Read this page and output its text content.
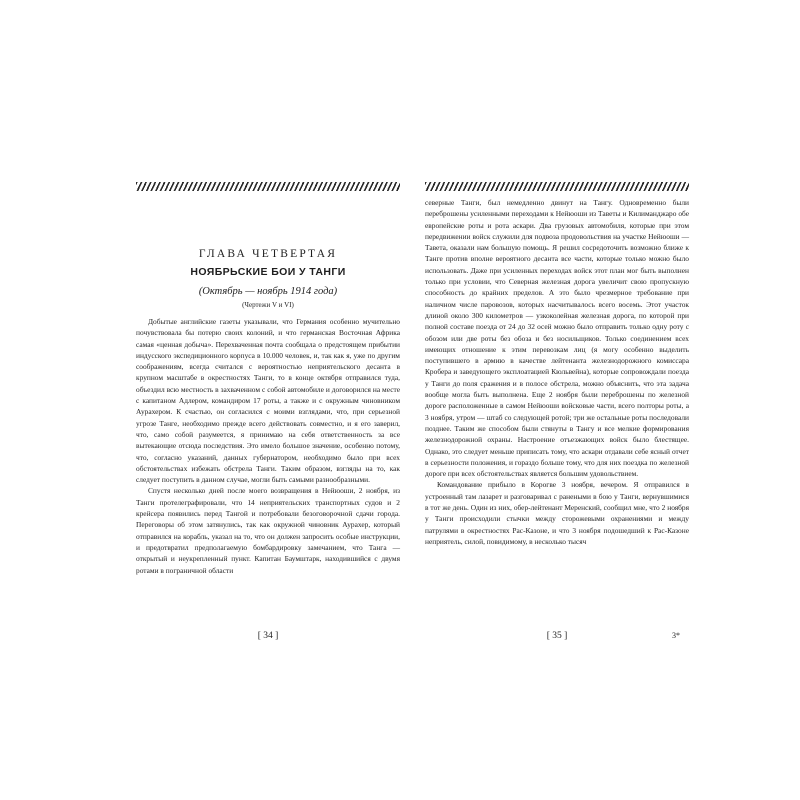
ГЛАВА ЧЕТВЕРТАЯ
НОЯБРЬСКИЕ БОИ У ТАНГИ
(Октябрь — ноябрь 1914 года)
(Чертежи V и VI)

Добытые английские газеты указывали, что Германия особенно мучительно почувствовала бы потерю своих колоний, и что германская Восточная Африка самая «ценная добыча». Перехваченная почта сообщала о предстоящем прибытии индусского экспедиционного корпуса в 10.000 человек, и, так как я, уже по другим соображениям, всегда считался с вероятностью неприятельского десанта в крупном масштабе в окрестностях Танги, то в конце октября отправился туда, объездил всю местность в захваченном с собой автомобиле и договорился на месте с капитаном Адлером, командиром 17 роты, а также и с окружным чиновником Аурахером. К счастью, он согласился с моими взглядами, что, при серьезной угрозе Танге, необходимо прежде всего действовать совместно, и я его заверил, что, само собой разумеется, я принимаю на себя ответственность за все вытекающие отсюда последствия. Это имело большое значение, особенно потому, что, согласно указаний, данных губернатором, необходимо было при всех обстоятельствах избежать обстрела Танги. Таким образом, взгляды на то, как следует поступить в данном случае, могли быть самыми разнообразными.

Спустя несколько дней после моего возвращения в Нейюоши, 2 ноября, из Танги протелеграфировали, что 14 неприятельских транспортных судов и 2 крейсера появились перед Тангой и потребовали безоговорочной сдачи города. Переговоры об этом затянулись, так как окружной чиновник Аурахер, который отправился на корабль, указал на то, что он должен запросить особые инструкции, и предотвратил предполагаемую бомбардировку замечанием, что Танга — открытый и неукрепленный пункт. Капитан Баумштарк, находившийся с двумя ротами в пограничной области

северные Танги, был немедленно двинут на Тангу. Одновременно были переброшены усиленными переходами к Нейюоши из Таветы и Килиманджаро обе европейские роты и рота аскари. Два грузовых автомобиля, которые при этом передвижении войск служили для подвоза продовольствия на участке Нейюоши — Тавета, оказали нам большую помощь. Я решил сосредоточить возможно ближе к Танге против вполне вероятного десанта все части, которые только можно было использовать. Даже при усиленных переходах войск этот план мог быть выполнен только при условии, что Северная железная дорога увеличит свою пропускную способность до крайних пределов. А это было чрезмерное требование при наличном числе паровозов, которых насчитывалось всего восемь. Этот участок длиной около 300 километров — узкоколейная железная дорога, по которой при полной составе поезда от 24 до 32 осей можно было отправить только одну роту с обозом или две роты без обоза и без носильщиков. Только соединением всех имеющих отношение к этим перевозкам лиц (я могу особенно выделить поступившего в армию в качестве лейтенанта железнодорожного комиссара Кробера и заведующего эксплоатацией Кюльвейна), которые сопровождали поезда у Танги до поля сражения и в полосе обстрела, можно объяснить, что эта задача вообще могла быть выполнена. Еще 2 ноября были переброшены по железной дороге расположенные в самом Нейюоши войсковые части, всего полторы роты, а 3 ноября, утром — штаб со следующей ротой; три же остальные роты последовали позднее. Таким же способом были стянуты в Тангу и все мелкие формирования железнодорожной охраны. Настроение отъезжающих войск было блестящее. Однако, это следует меньше приписать тому, что аскари отдавали себе ясный отчет в серьезности положения, и гораздо больше тому, что для них поездка по железной дороге при всех обстоятельствах является большим удовольствием.

Командование прибыло в Корогве 3 ноября, вечером. Я отправился в устроенный там лазарет и разговаривал с ранеными в бою у Танги, вернувшимися в тот же день. Один из них, обер-лейтенант Меренский, сообщил мне, что 2 ноября у Танги происходили стычки между сторожевыми охранениями и между патрулями в окрестностях Рас-Казоне, и что 3 ноября подошедший к Рас-Казоне неприятель, силой, повидимому, в несколько тысяч

[ 34 ]	[ 35 ]	3*
